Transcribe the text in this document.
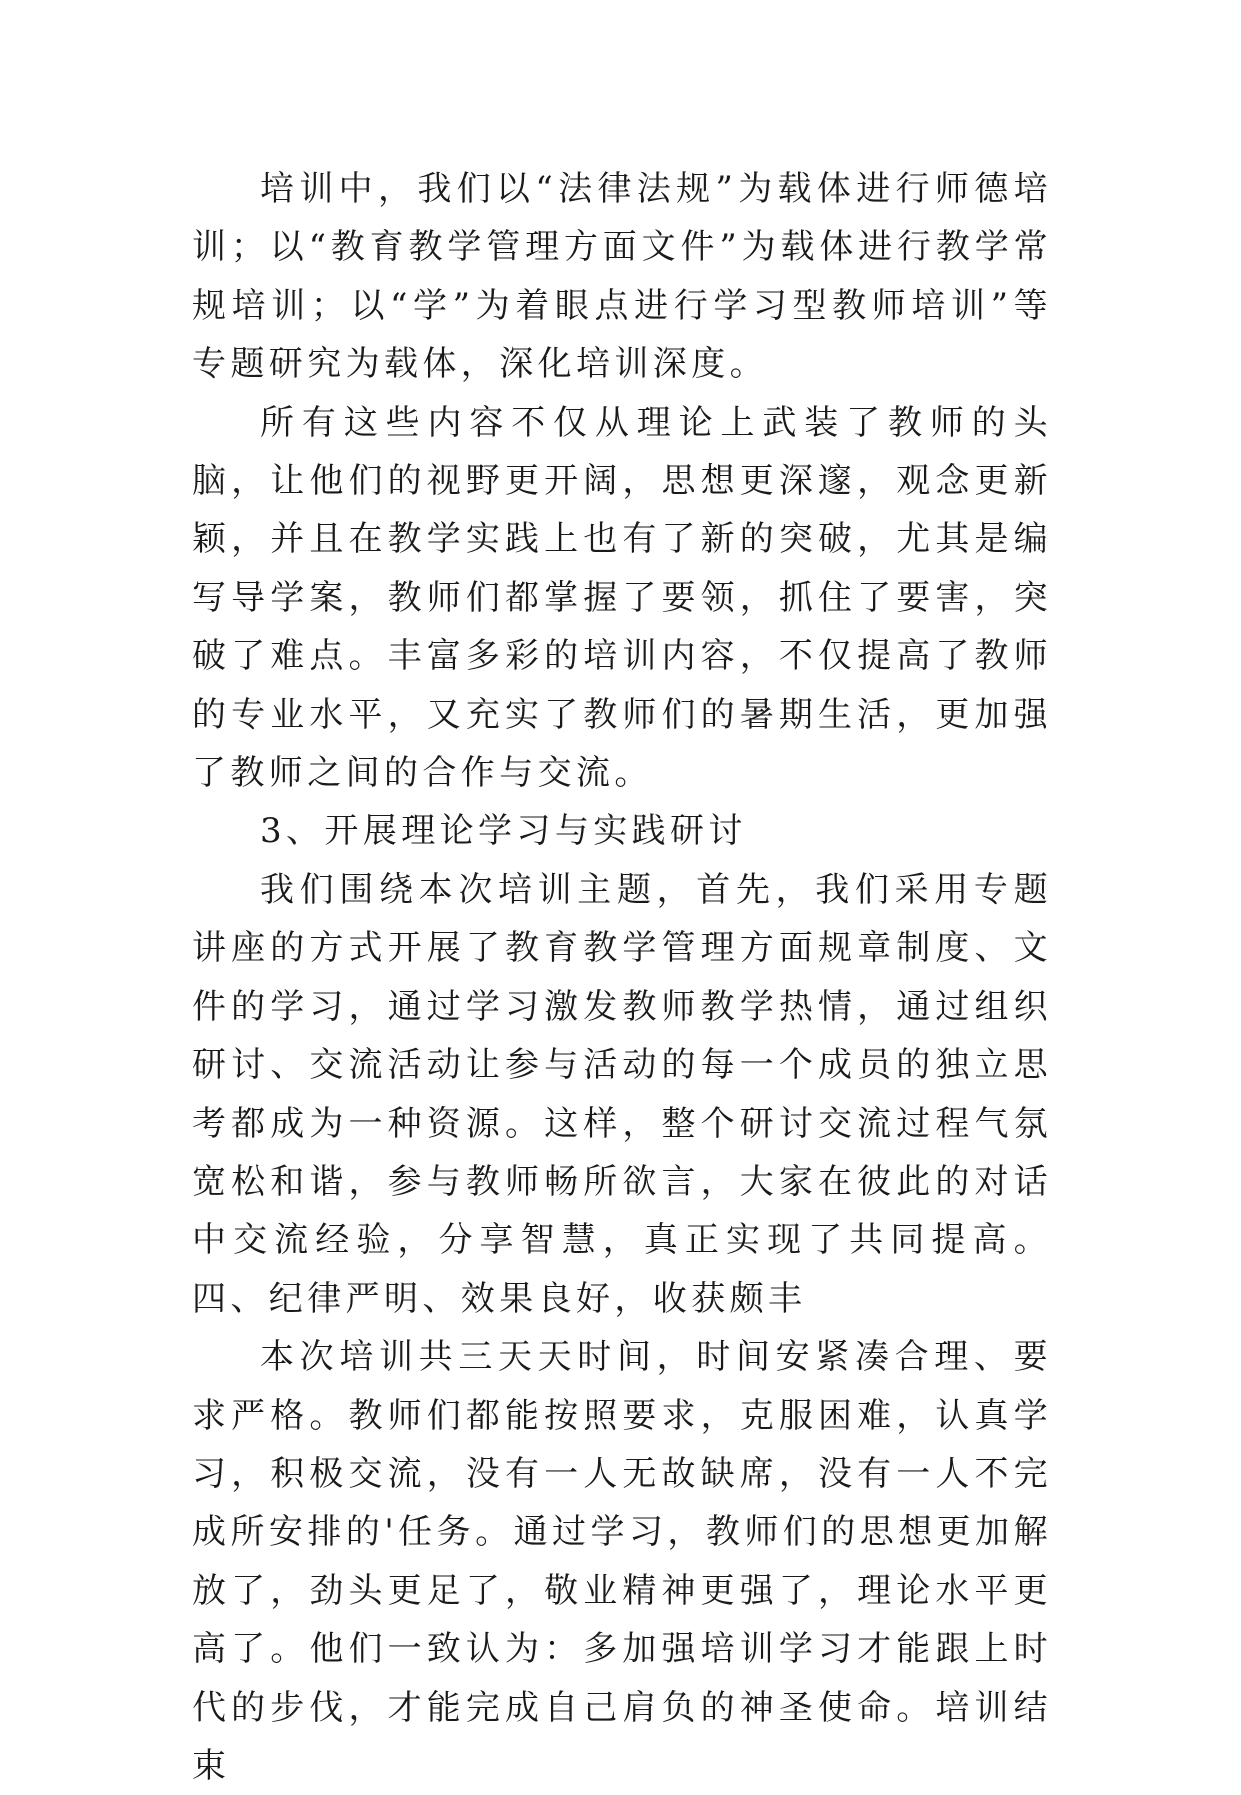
培训中，我们以“法律法规”为载体进行师德培训；以“教育教学管理方面文件”为载体进行教学常规培训；以“学”为着眼点进行学习型教师培训”等专题研究为载体，深化培训深度。

所有这些内容不仅从理论上武装了教师的头脑，让他们的视野更开阔，思想更深邃，观念更新颖，并且在教学实践上也有了新的突破，尤其是编写导学案，教师们都掌握了要领，抓住了要害，突破了难点。丰富多彩的培训内容，不仅提高了教师的专业水平，又充实了教师们的暑期生活，更加强了教师之间的合作与交流。

3、开展理论学习与实践研讨

我们围绕本次培训主题，首先，我们采用专题讲座的方式开展了教育教学管理方面规章制度、文件的学习，通过学习激发教师教学热情，通过组织研讨、交流活动让参与活动的每一个成员的独立思考都成为一种资源。这样，整个研讨交流过程气氛宽松和谐，参与教师畅所欲言，大家在彼此的对话中交流经验，分享智慧，真正实现了共同提高。四、纪律严明、效果良好，收获颇丰

本次培训共三天天时间，时间安紧凑合理、要求严格。教师们都能按照要求，克服困难，认真学习，积极交流，没有一人无故缺席，没有一人不完成所安排的'任务。通过学习，教师们的思想更加解放了，劲头更足了，敬业精神更强了，理论水平更高了。他们一致认为：多加强培训学习才能跟上时代的步伐，才能完成自己肩负的神圣使命。培训结束
